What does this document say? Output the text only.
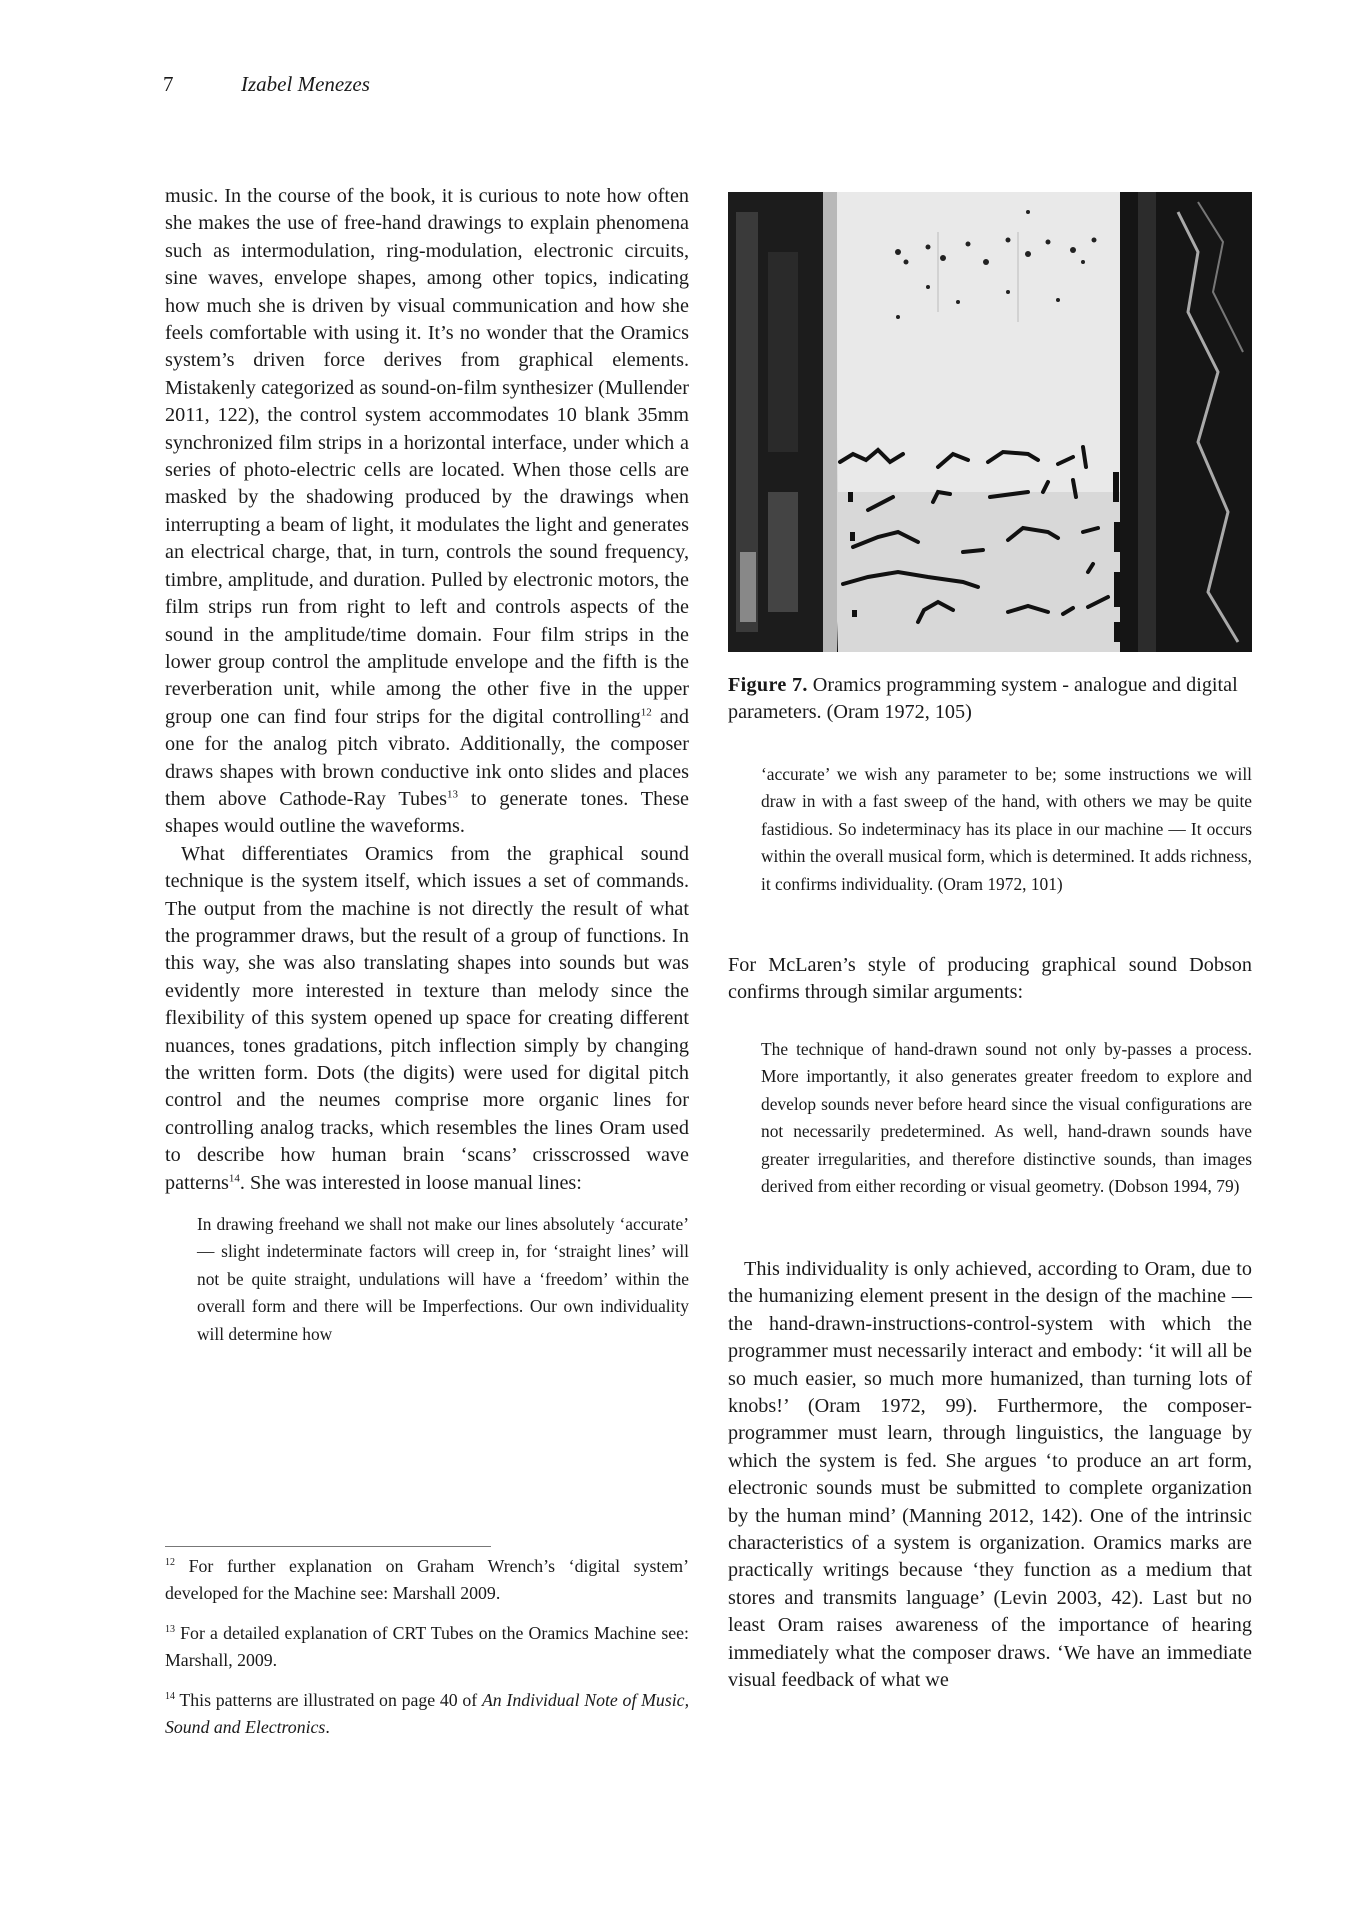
7	Izabel Menezes

music. In the course of the book, it is curious to note how often she makes the use of free-hand drawings to explain phenomena such as intermodulation, ring-modulation, electronic circuits, sine waves, envelope shapes, among other topics, indicating how much she is driven by visual communication and how she feels comfortable with using it. It’s no wonder that the Oramics system’s driven force derives from graphical elements. Mistakenly categorized as sound-on-film synthesizer (Mullender 2011, 122), the control system accommodates 10 blank 35mm synchronized film strips in a horizontal interface, under which a series of photo-electric cells are located. When those cells are masked by the shadowing produced by the drawings when interrupting a beam of light, it modulates the light and generates an electrical charge, that, in turn, controls the sound frequency, timbre, amplitude, and duration. Pulled by electronic motors, the film strips run from right to left and controls aspects of the sound in the amplitude/time domain. Four film strips in the lower group control the amplitude envelope and the fifth is the reverberation unit, while among the other five in the upper group one can find four strips for the digital controlling$^{12}$ and one for the analog pitch vibrato. Additionally, the composer draws shapes with brown conductive ink onto slides and places them above Cathode-Ray Tubes$^{13}$ to generate tones. These shapes would outline the waveforms.

What differentiates Oramics from the graphical sound technique is the system itself, which issues a set of commands. The output from the machine is not directly the result of what the programmer draws, but the result of a group of functions. In this way, she was also translating shapes into sounds but was evidently more interested in texture than melody since the flexibility of this system opened up space for creating different nuances, tones gradations, pitch inflection simply by changing the written form. Dots (the digits) were used for digital pitch control and the neumes comprise more organic lines for controlling analog tracks, which resembles the lines Oram used to describe how human brain ‘scans’ crisscrossed wave patterns$^{14}$. She was interested in loose manual lines:

In drawing freehand we shall not make our lines absolutely ‘accurate’ — slight indeterminate factors will creep in, for ‘straight lines’ will not be quite straight, undulations will have a ‘freedom’ within the overall form and there will be Imperfections. Our own individuality will determine how

$^{12}$ For further explanation on Graham Wrench’s ‘digital system’ developed for the Machine see: Marshall 2009.

$^{13}$ For a detailed explanation of CRT Tubes on the Oramics Machine see: Marshall, 2009.

$^{14}$ This patterns are illustrated on page 40 of An Individual Note of Music, Sound and Electronics.

Figure 7. Oramics programming system - analogue and digital parameters. (Oram 1972, 105)

‘accurate’ we wish any parameter to be; some instructions we will draw in with a fast sweep of the hand, with others we may be quite fastidious. So indeterminacy has its place in our machine — It occurs within the overall musical form, which is determined. It adds richness, it confirms individuality. (Oram 1972, 101)

For McLaren’s style of producing graphical sound Dobson confirms through similar arguments:

The technique of hand-drawn sound not only by-passes a process. More importantly, it also generates greater freedom to explore and develop sounds never before heard since the visual configurations are not necessarily predetermined. As well, hand-drawn sounds have greater irregularities, and therefore distinctive sounds, than images derived from either recording or visual geometry. (Dobson 1994, 79)

This individuality is only achieved, according to Oram, due to the humanizing element present in the design of the machine — the hand-drawn-instructions-control-system with which the programmer must necessarily interact and embody: ‘it will all be so much easier, so much more humanized, than turning lots of knobs!’ (Oram 1972, 99). Furthermore, the composer-programmer must learn, through linguistics, the language by which the system is fed. She argues ‘to produce an art form, electronic sounds must be submitted to complete organization by the human mind’ (Manning 2012, 142). One of the intrinsic characteristics of a system is organization. Oramics marks are practically writings because ‘they function as a medium that stores and transmits language’ (Levin 2003, 42). Last but no least Oram raises awareness of the importance of hearing immediately what the composer draws. ‘We have an immediate visual feedback of what we
